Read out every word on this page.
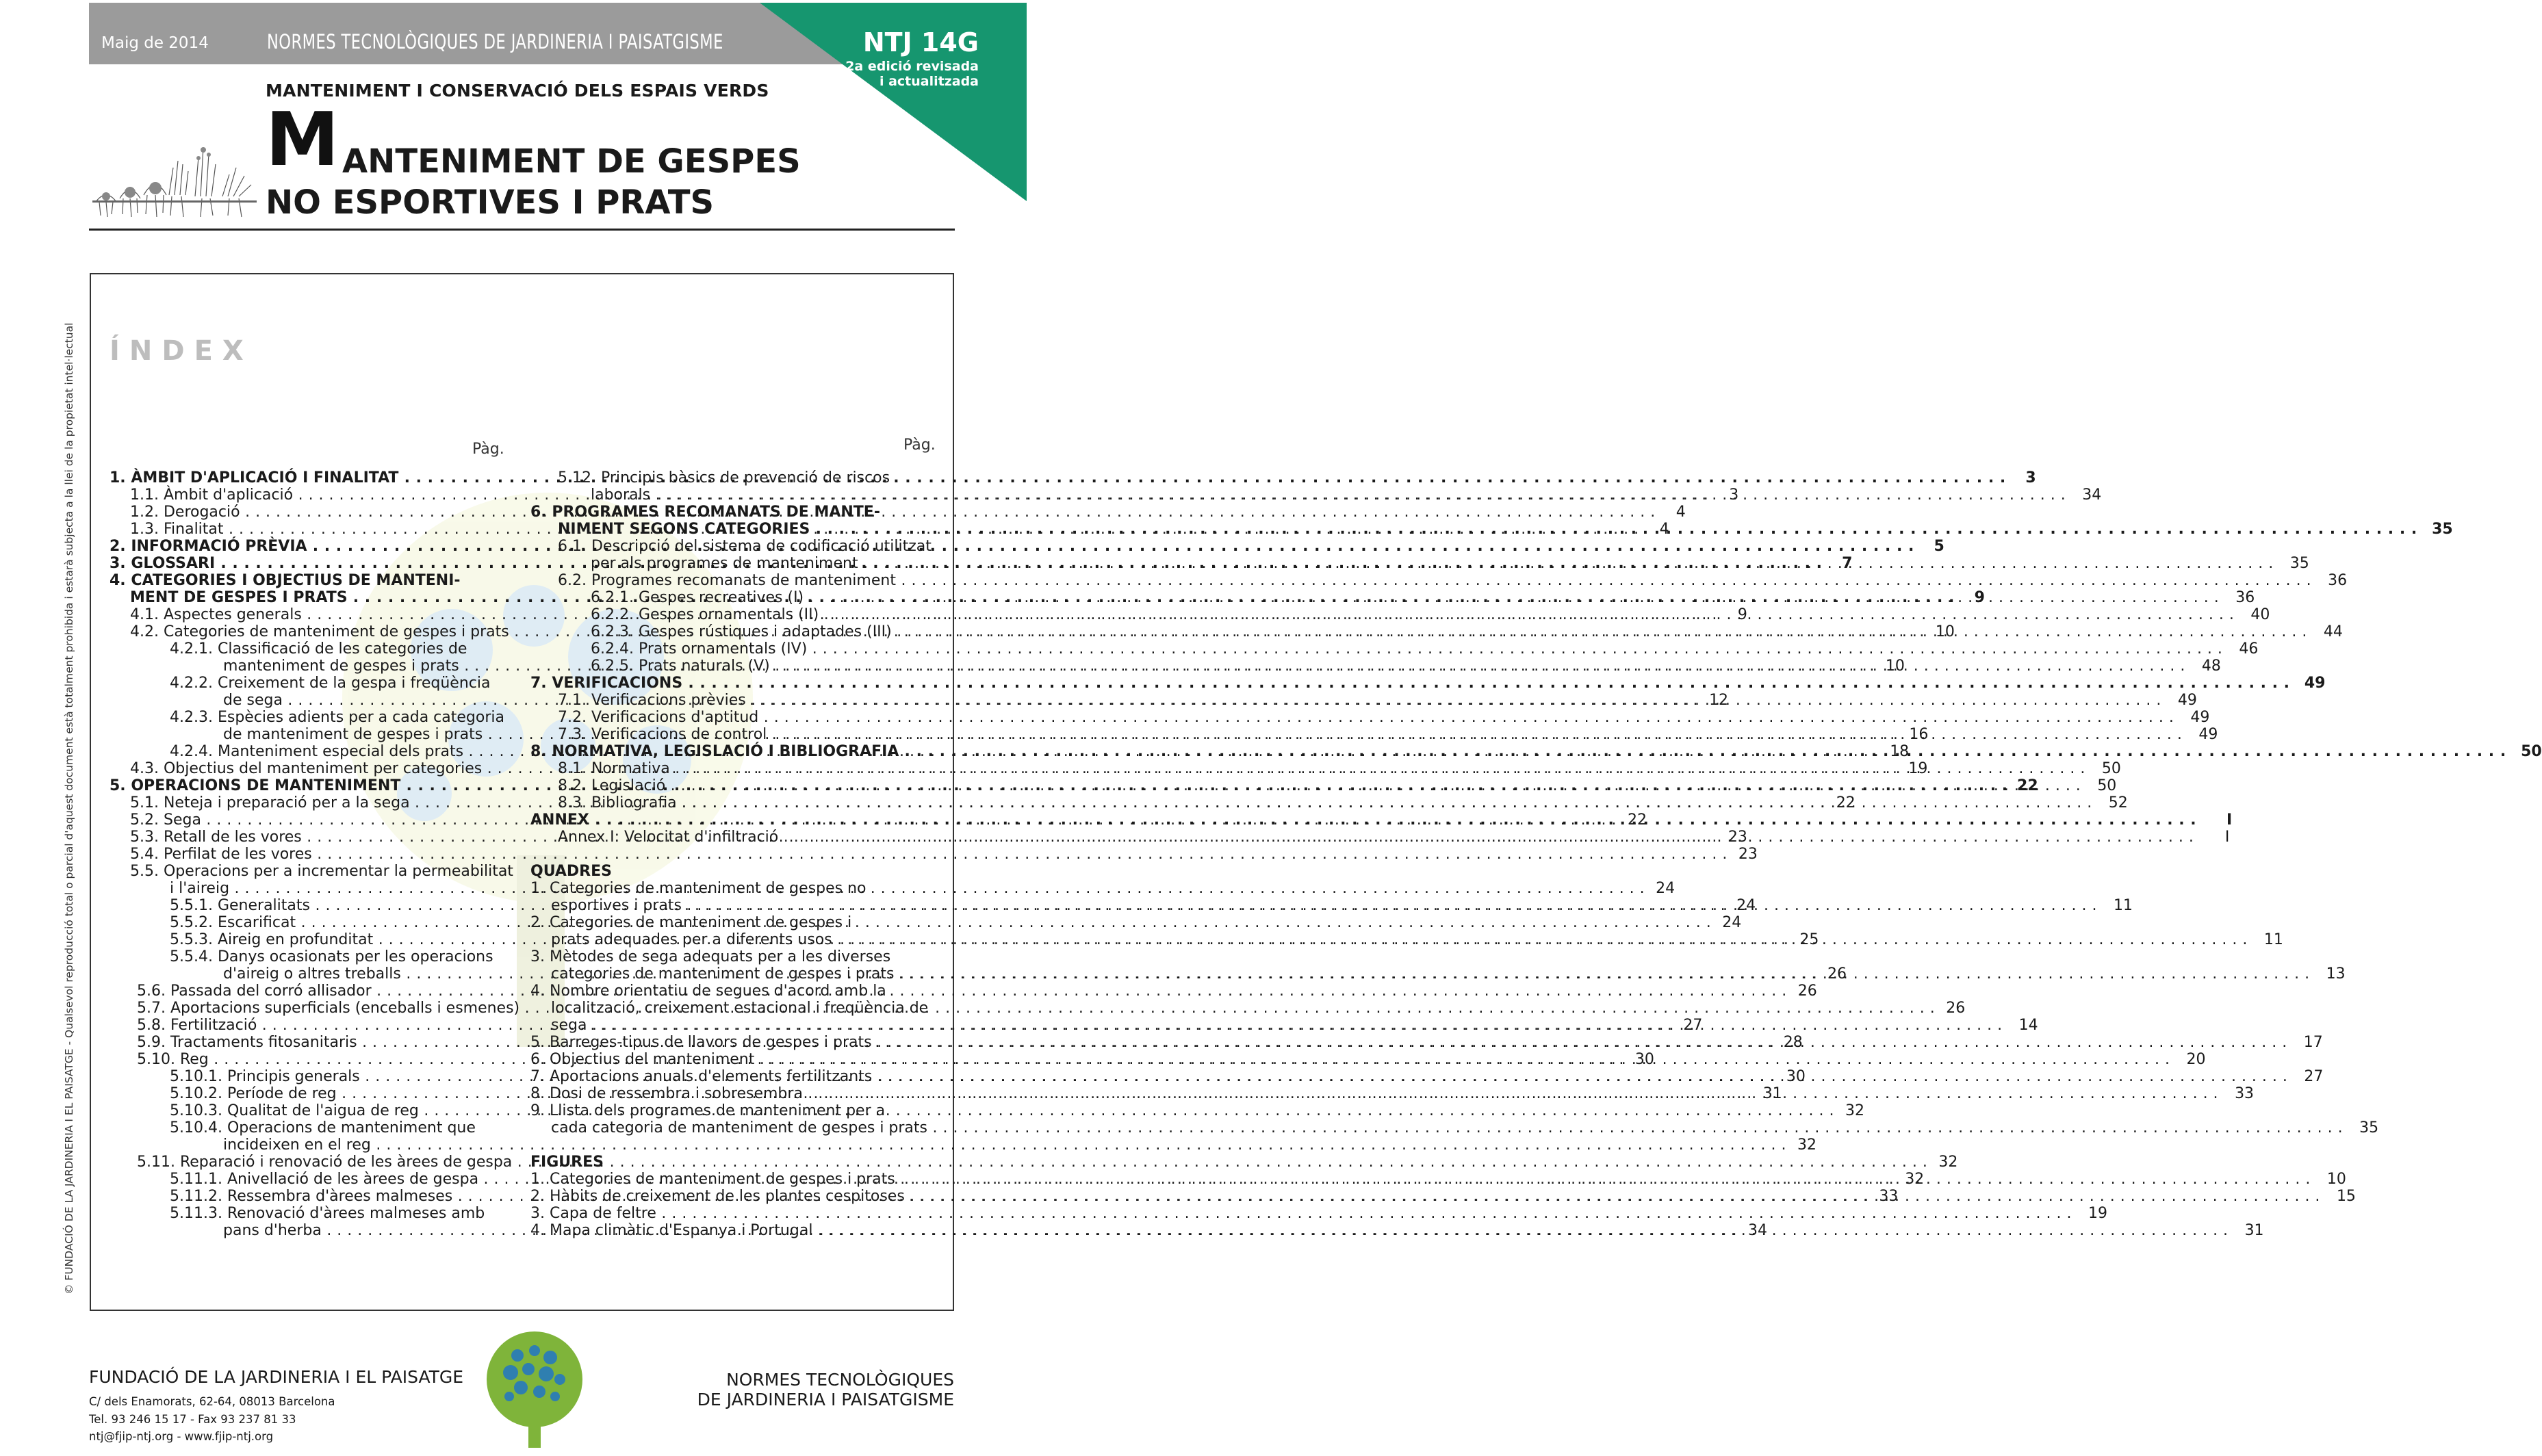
Maig de 2014	NORMES TECNOLÒGIQUES DE JARDINERIA I PAISATGISME	NTJ 14G
2a edició revisada
i actualitzada
MANTENIMENT I CONSERVACIÓ DELS ESPAIS VERDS
M ANTENIMENT DE GESPES
NO ESPORTIVES I PRATS
© FUNDACIÓ DE LA JARDINERIA I EL PAISATGE - Qualsevol reproducció total o parcial d'aquest document està totalment prohibida i estarà subjecta a la llei de la propietat intel·lectual ÍNDEX
Pàg.	Pàg.
1. ÀMBIT D'APLICACIÓ I FINALITAT . . .	3
1.1. Àmbit d'aplicació . . .	3
1.2. Derogació . . .	4
1.3. Finalitat . . .	4
2. INFORMACIÓ PRÈVIA . . .	5
3. GLOSSARI . . .	7
4. CATEGORIES I OBJECTIUS DE MANTENI-
MENT DE GESPES I PRATS . . .	9
4.1. Aspectes generals . . .	9
4.2. Categories de manteniment de gespes i prats . . .	10
4.2.1. Classificació de les categories de
manteniment de gespes i prats . . .	10
4.2.2. Creixement de la gespa i freqüència
de sega . . .	12
4.2.3. Espècies adients per a cada categoria
de manteniment de gespes i prats . . .	16
4.2.4. Manteniment especial dels prats . . .	18
4.3. Objectius del manteniment per categories . . .	19
5. OPERACIONS DE MANTENIMENT . . .	22
5.1. Neteja i preparació per a la sega . . .	22
5.2. Sega . . .	22
5.3. Retall de les vores . . .	23
5.4. Perfilat de les vores . . .	23
5.5. Operacions per a incrementar la permeabilitat
i l'aireig . . .	24
5.5.1. Generalitats . . .	24
5.5.2. Escarificat . . .	24
5.5.3. Aireig en profunditat . . .	25
5.5.4. Danys ocasionats per les operacions
d'aireig o altres treballs . . .	26
5.6. Passada del corró allisador . . .	26
5.7. Aportacions superficials (enceballs i esmenes) . . .	26
5.8. Fertilització . . .	27
5.9. Tractaments fitosanitaris . . .	28
5.10. Reg . . .	30
5.10.1. Principis generals . . .	30
5.10.2. Període de reg . . .	31
5.10.3. Qualitat de l'aigua de reg . . .	32
5.10.4. Operacions de manteniment que
incideixen en el reg . . .	32
5.11. Reparació i renovació de les àrees de gespa . . .	32
5.11.1. Anivellació de les àrees de gespa . . .	32
5.11.2. Ressembra d'àrees malmeses . . .	33
5.11.3. Renovació d'àrees malmeses amb
pans d'herba . . .	34
5.12. Principis bàsics de prevenció de riscos
laborals . . .	34
6. PROGRAMES RECOMANATS DE MANTE-
NIMENT SEGONS CATEGORIES . . .	35
6.1. Descripció del sistema de codificació utilitzat
per als programes de manteniment . . .	35
6.2. Programes recomanats de manteniment . . .	36
6.2.1. Gespes recreatives (I) . . .	36
6.2.2. Gespes ornamentals (II) . . .	40
6.2.3. Gespes rústiques i adaptades (III) . . .	44
6.2.4. Prats ornamentals (IV) . . .	46
6.2.5. Prats naturals (V) . . .	48
7. VERIFICACIONS . . .	49
7.1. Verificacions prèvies . . .	49
7.2. Verificacions d'aptitud . . .	49
7.3. Verificacions de control . . .	49
8. NORMATIVA, LEGISLACIÓ I BIBLIOGRAFIA . . .	50
8.1. Normativa . . .	50
8.2. Legislació . . .	50
8.3. Bibliografia . . .	52
ANNEX . . .	I
Annex I: Velocitat d'infiltració . . .	I
QUADRES
1. Categories de manteniment de gespes no
esportives i prats . . .	11
2. Categories de manteniment de gespes i
prats adequades per a diferents usos . . .	11
3. Mètodes de sega adequats per a les diverses
categories de manteniment de gespes i prats . . .	13
4. Nombre orientatiu de segues d'acord amb la
localització, creixement estacional i freqüència de
sega . . .	14
5. Barreges-tipus de llavors de gespes i prats . . .	17
6. Objectius del manteniment . . .	20
7. Aportacions anuals d'elements fertilitzants . . .	27
8. Dosi de ressembra i sobresembra . . .	33
9. Llista dels programes de manteniment per a
cada categoria de manteniment de gespes i prats . . .	35
FIGURES
1. Categories de manteniment de gespes i prats . . .	10
2. Hàbits de creixement de les plantes cespitoses . . .	15
3. Capa de feltre . . .	19
4. Mapa climàtic d'Espanya i Portugal . . .	31
FUNDACIÓ DE LA JARDINERIA I EL PAISATGE
C/ dels Enamorats, 62-64, 08013 Barcelona
Tel. 93 246 15 17 - Fax 93 237 81 33
ntj@fjip-ntj.org - www.fjip-ntj.org
NORMES TECNOLÒGIQUES
DE JARDINERIA I PAISATGISME
